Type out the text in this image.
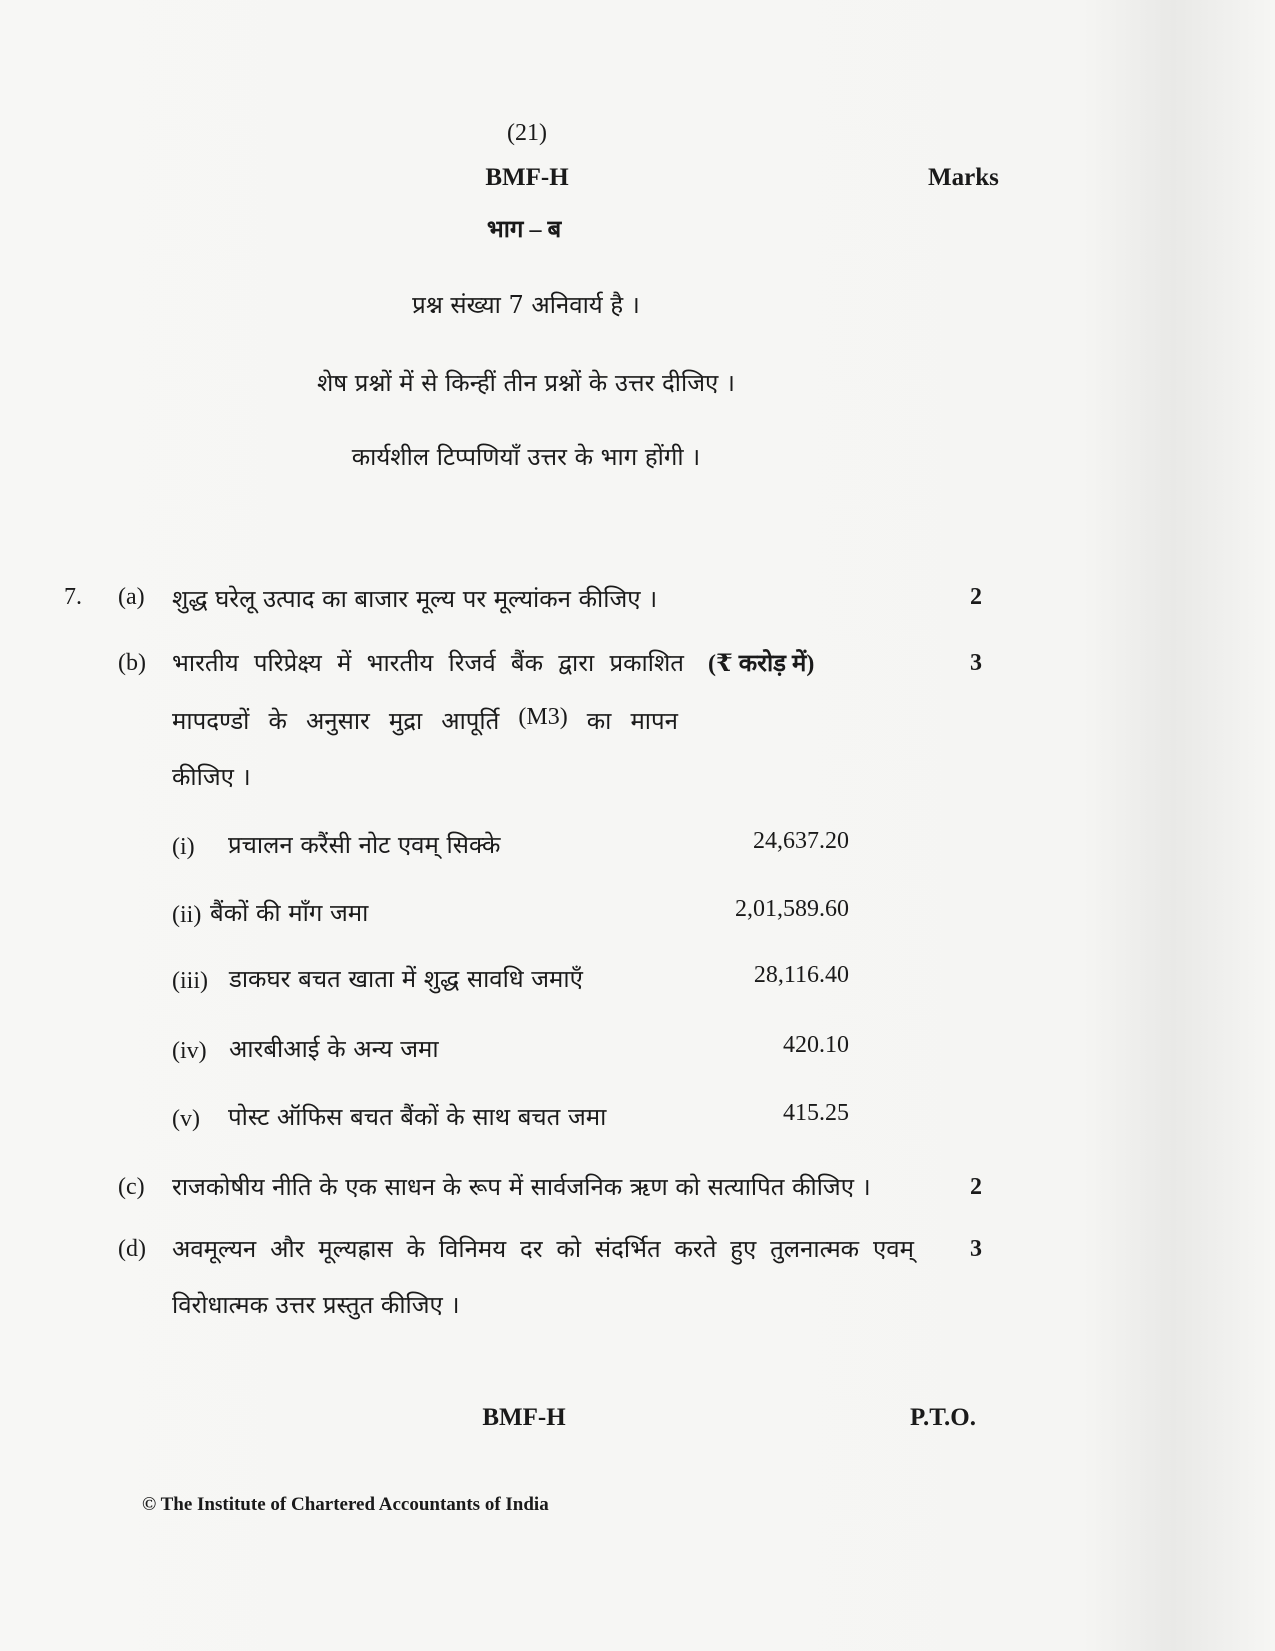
(21)
BMF-H	Marks
भाग – ब
प्रश्न संख्या 7 अनिवार्य है ।
शेष प्रश्नों में से किन्हीं तीन प्रश्नों के उत्तर दीजिए ।
कार्यशील टिप्पणियाँ उत्तर के भाग होंगी ।
7. (a) शुद्ध घरेलू उत्पाद का बाजार मूल्य पर मूल्यांकन कीजिए ।	2
(b) भारतीय परिप्रेक्ष्य में भारतीय रिजर्व बैंक द्वारा प्रकाशित (₹ करोड़ में)	3
मापदण्डों के अनुसार मुद्रा आपूर्ति (M3) का मापन
कीजिए ।
(i) प्रचालन करैंसी नोट एवम् सिक्के	24,637.20
(ii) बैंकों की माँग जमा	2,01,589.60
(iii) डाकघर बचत खाता में शुद्ध सावधि जमाएँ	28,116.40
(iv) आरबीआई के अन्य जमा	420.10
(v) पोस्ट ऑफिस बचत बैंकों के साथ बचत जमा	415.25
(c) राजकोषीय नीति के एक साधन के रूप में सार्वजनिक ऋण को सत्यापित कीजिए ।	2
(d) अवमूल्यन और मूल्यह्रास के विनिमय दर को संदर्भित करते हुए तुलनात्मक एवम् 3
विरोधात्मक उत्तर प्रस्तुत कीजिए ।
BMF-H	P.T.O.
© The Institute of Chartered Accountants of India
